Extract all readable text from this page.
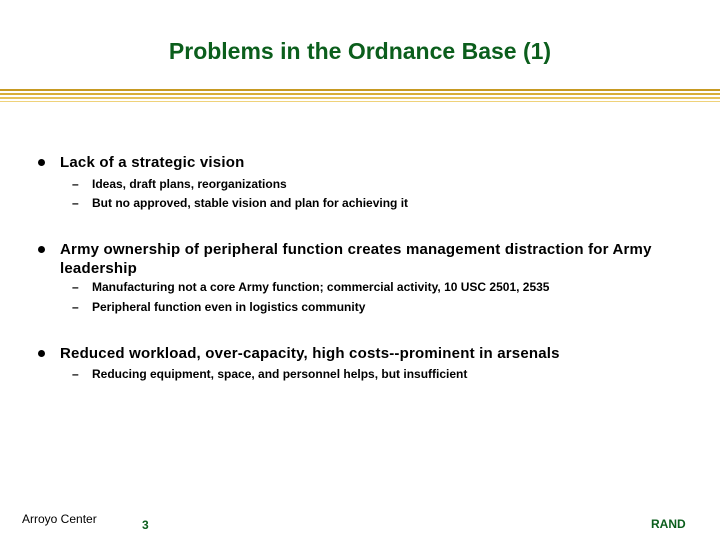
Problems in the Ordnance Base (1)
Lack of a strategic vision
–	Ideas, draft plans, reorganizations
–	But no approved, stable vision and plan for achieving it
Army ownership of peripheral function creates management distraction for Army leadership
–	Manufacturing not a core Army function; commercial activity, 10 USC 2501, 2535
–	Peripheral function even in logistics community
Reduced workload, over-capacity, high costs--prominent in arsenals
–	Reducing equipment, space, and personnel helps, but insufficient
Arroyo Center	3	RAND
